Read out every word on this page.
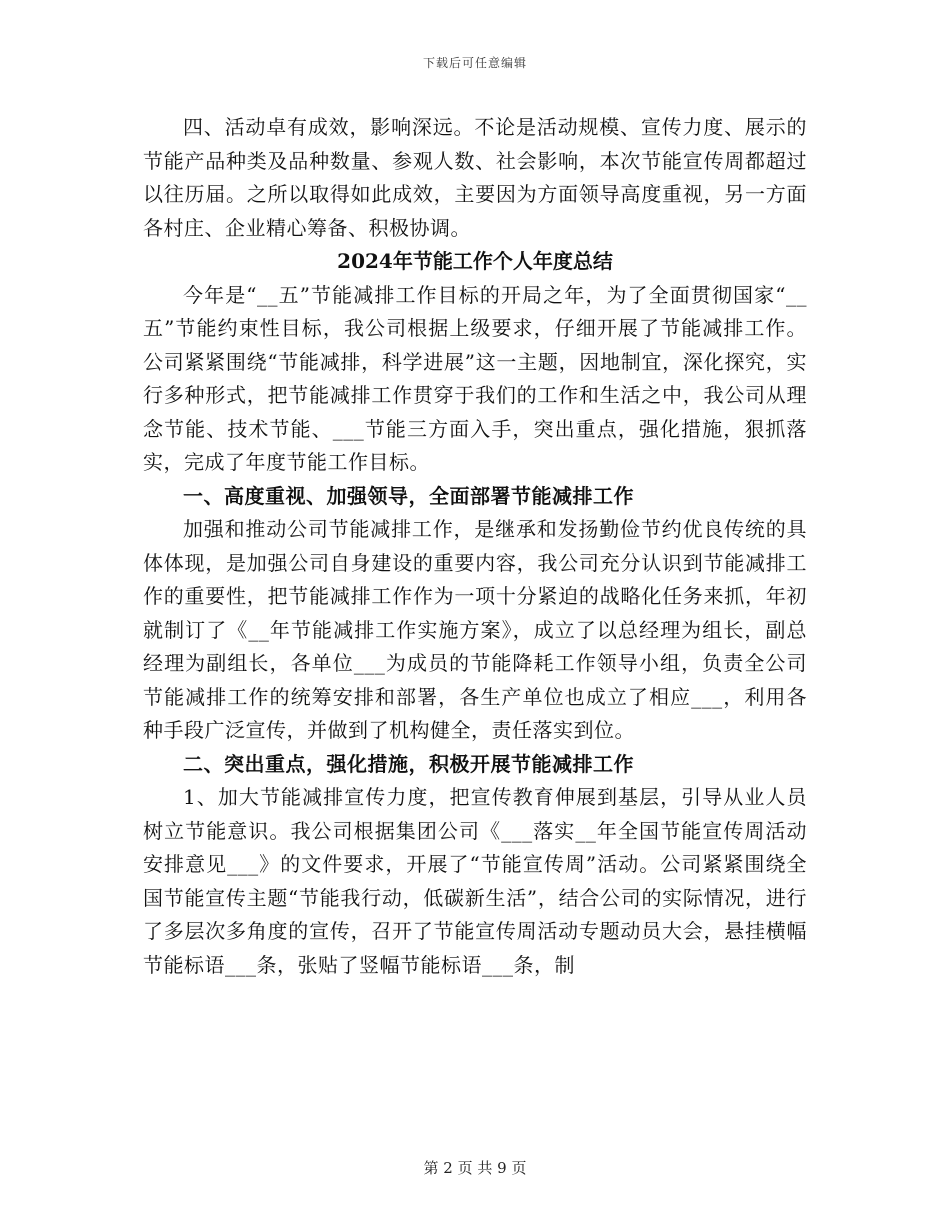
下载后可任意编辑

四、活动卓有成效，影响深远。不论是活动规模、宣传力度、展示的节能产品种类及品种数量、参观人数、社会影响，本次节能宣传周都超过以往历届。之所以取得如此成效，主要因为方面领导高度重视，另一方面各村庄、企业精心筹备、积极协调。

2024年节能工作个人年度总结

今年是“__五”节能减排工作目标的开局之年，为了全面贯彻国家“__五”节能约束性目标，我公司根据上级要求，仔细开展了节能减排工作。公司紧紧围绕“节能减排，科学进展”这一主题，因地制宜，深化探究，实行多种形式，把节能减排工作贯穿于我们的工作和生活之中，我公司从理念节能、技术节能、___节能三方面入手，突出重点，强化措施，狠抓落实，完成了年度节能工作目标。

一、高度重视、加强领导，全面部署节能减排工作

加强和推动公司节能减排工作，是继承和发扬勤俭节约优良传统的具体体现，是加强公司自身建设的重要内容，我公司充分认识到节能减排工作的重要性，把节能减排工作作为一项十分紧迫的战略化任务来抓，年初就制订了《__年节能减排工作实施方案》，成立了以总经理为组长，副总经理为副组长，各单位___为成员的节能降耗工作领导小组，负责全公司节能减排工作的统筹安排和部署，各生产单位也成立了相应___，利用各种手段广泛宣传，并做到了机构健全，责任落实到位。

二、突出重点，强化措施，积极开展节能减排工作

1、加大节能减排宣传力度，把宣传教育伸展到基层，引导从业人员树立节能意识。我公司根据集团公司《___落实__年全国节能宣传周活动安排意见___》的文件要求，开展了“节能宣传周”活动。公司紧紧围绕全国节能宣传主题“节能我行动，低碳新生活”，结合公司的实际情况，进行了多层次多角度的宣传，召开了节能宣传周活动专题动员大会，悬挂横幅节能标语___条，张贴了竖幅节能标语___条，制

第 2 页 共 9 页
